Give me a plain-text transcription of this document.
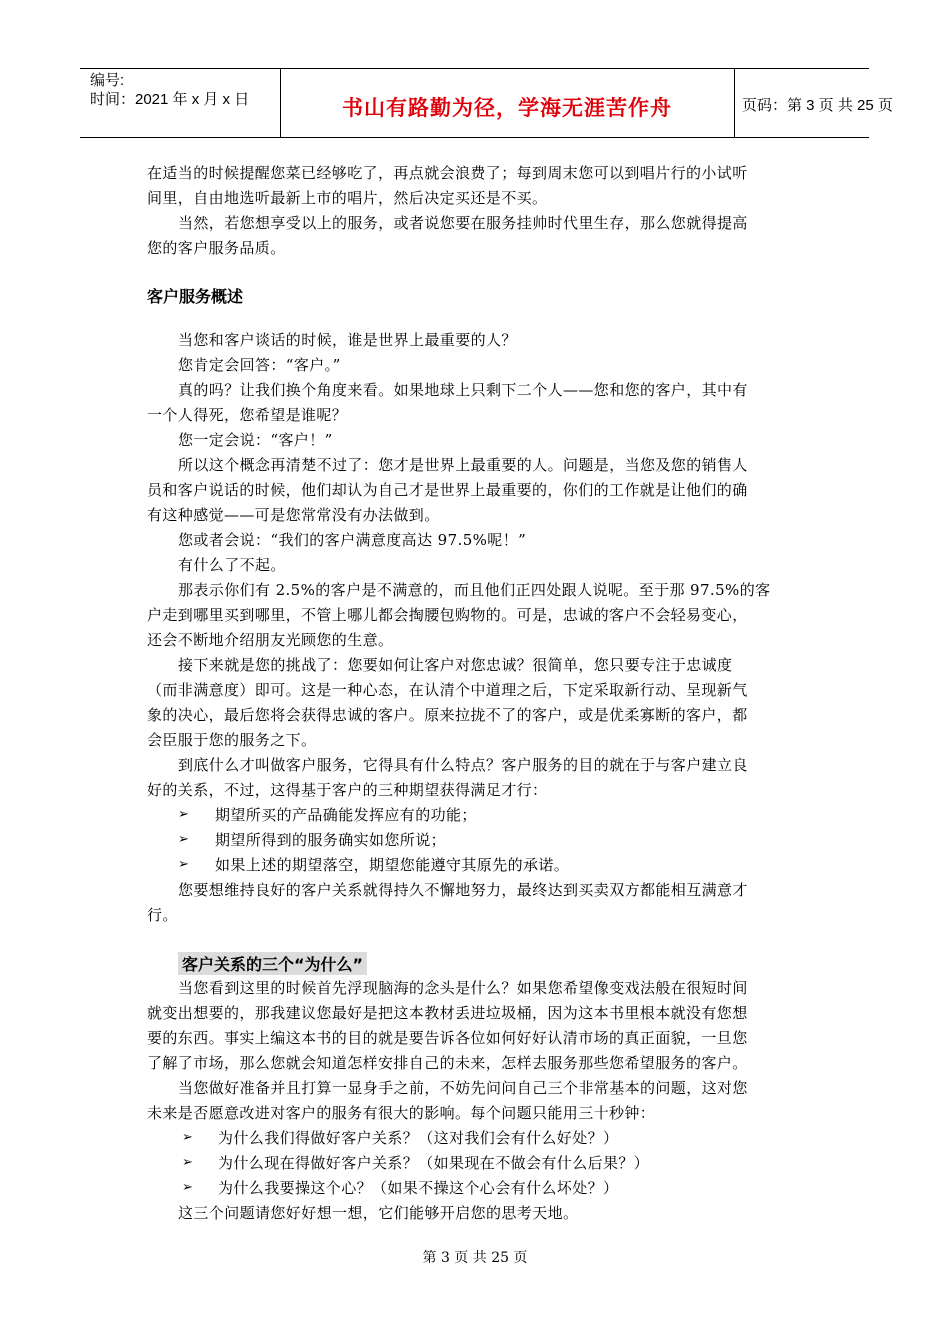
编号:
时间：2021 年 x 月 x 日	书山有路勤为径，学海无涯苦作舟	页码：第 3 页 共 25 页
在适当的时候提醒您菜已经够吃了，再点就会浪费了；每到周末您可以到唱片行的小试听
间里，自由地选听最新上市的唱片，然后决定买还是不买。
当然，若您想享受以上的服务，或者说您要在服务挂帅时代里生存，那么您就得提高
您的客户服务品质。
客户服务概述
当您和客户谈话的时候，谁是世界上最重要的人？
您肯定会回答：“客户。”
真的吗？让我们换个角度来看。如果地球上只剩下二个人——您和您的客户，其中有
一个人得死，您希望是谁呢？
您一定会说：“客户！”
所以这个概念再清楚不过了：您才是世界上最重要的人。问题是，当您及您的销售人
员和客户说话的时候，他们却认为自己才是世界上最重要的，你们的工作就是让他们的确
有这种感觉——可是您常常没有办法做到。
您或者会说：“我们的客户满意度高达 97.5%呢！”
有什么了不起。
那表示你们有 2.5%的客户是不满意的，而且他们正四处跟人说呢。至于那 97.5%的客
户走到哪里买到哪里，不管上哪儿都会掏腰包购物的。可是，忠诚的客户不会轻易变心，
还会不断地介绍朋友光顾您的生意。
接下来就是您的挑战了：您要如何让客户对您忠诚？很简单，您只要专注于忠诚度
（而非满意度）即可。这是一种心态，在认清个中道理之后，下定采取新行动、呈现新气
象的决心，最后您将会获得忠诚的客户。原来拉拢不了的客户，或是优柔寡断的客户，都
会臣服于您的服务之下。
到底什么才叫做客户服务，它得具有什么特点？客户服务的目的就在于与客户建立良
好的关系，不过，这得基于客户的三种期望获得满足才行：
➢ 期望所买的产品确能发挥应有的功能；
➢ 期望所得到的服务确实如您所说；
➢ 如果上述的期望落空，期望您能遵守其原先的承诺。
您要想维持良好的客户关系就得持久不懈地努力，最终达到买卖双方都能相互满意才
行。
客户关系的三个“为什么”
当您看到这里的时候首先浮现脑海的念头是什么？如果您希望像变戏法般在很短时间
就变出想要的，那我建议您最好是把这本教材丢进垃圾桶，因为这本书里根本就没有您想
要的东西。事实上编这本书的目的就是要告诉各位如何好好认清市场的真正面貌，一旦您
了解了市场，那么您就会知道怎样安排自己的未来，怎样去服务那些您希望服务的客户。
当您做好准备并且打算一显身手之前，不妨先问问自己三个非常基本的问题，这对您
未来是否愿意改进对客户的服务有很大的影响。每个问题只能用三十秒钟：
➢ 为什么我们得做好客户关系？（这对我们会有什么好处？）
➢ 为什么现在得做好客户关系？（如果现在不做会有什么后果？）
➢ 为什么我要操这个心？（如果不操这个心会有什么坏处？）
这三个问题请您好好想一想，它们能够开启您的思考天地。
第 3 页 共 25 页
